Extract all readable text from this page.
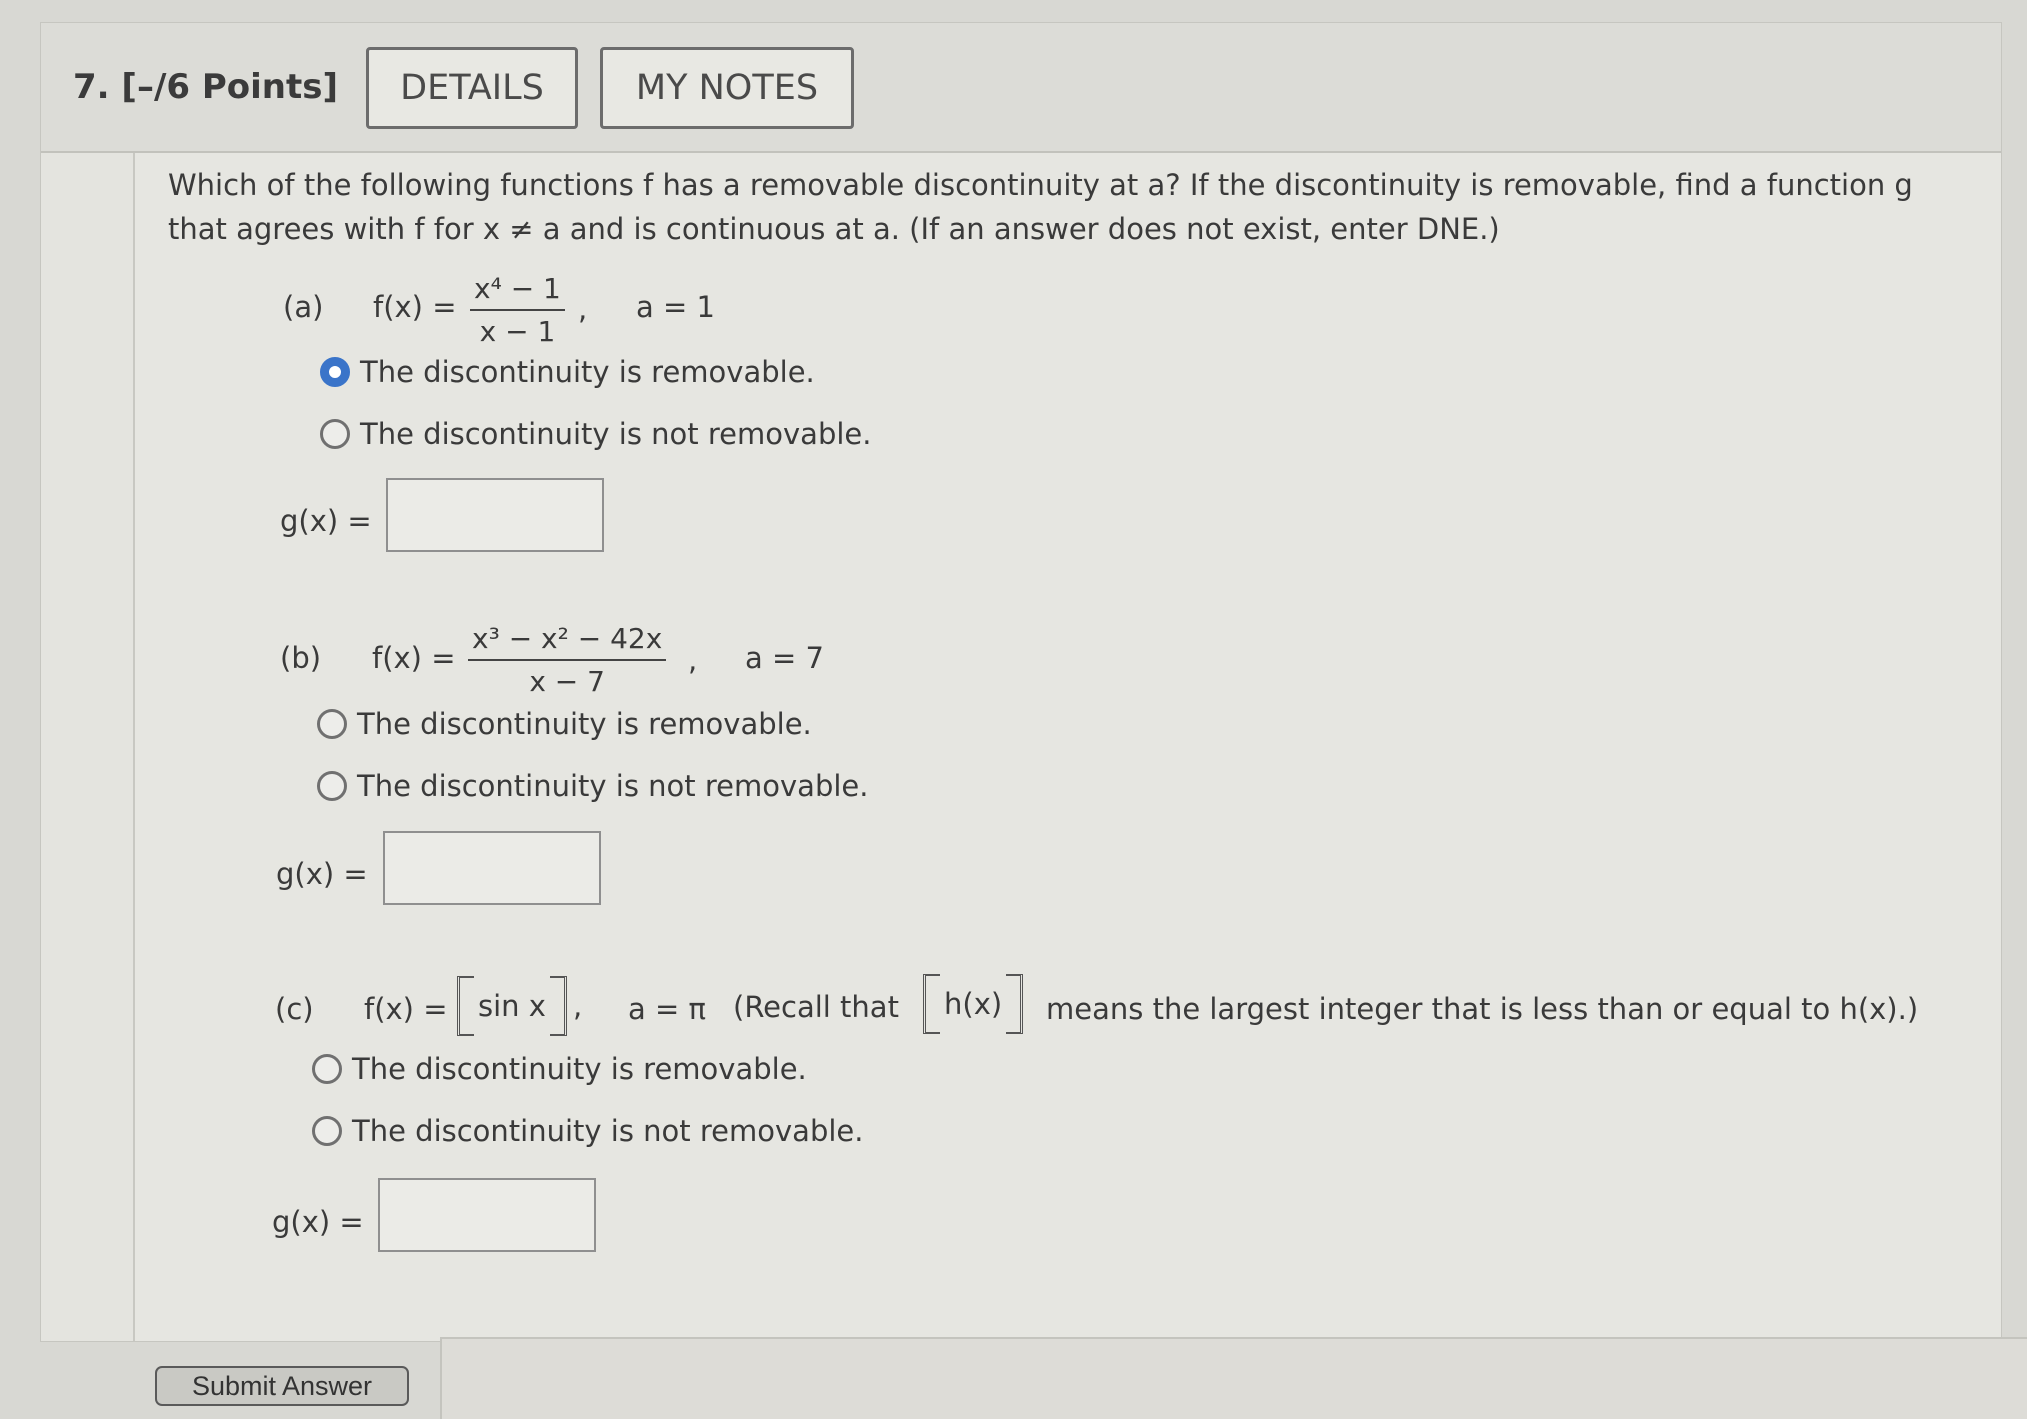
7. [–/6 Points]	DETAILS	MY NOTES
Which of the following functions f has a removable discontinuity at a? If the discontinuity is removable, find a function g
that agrees with f for x ≠ a and is continuous at a. (If an answer does not exist, enter DNE.)
(a) $f(x) = \frac{\text{x⁴ − 1}}{x - 1}$ , a = 1
The discontinuity is removable.
The discontinuity is not removable.
g(x) =
(b) $f(x) = \frac{\text{x³ − x² − 42x}}{x - 7}$ , a = 7
The discontinuity is removable.
The discontinuity is not removable.
g(x) =
(c) f(x) = sin x , a = π (Recall that h(x) means the largest integer that is less than or equal to h(x).)
The discontinuity is removable.
The discontinuity is not removable.
g(x) =
Submit Answer
